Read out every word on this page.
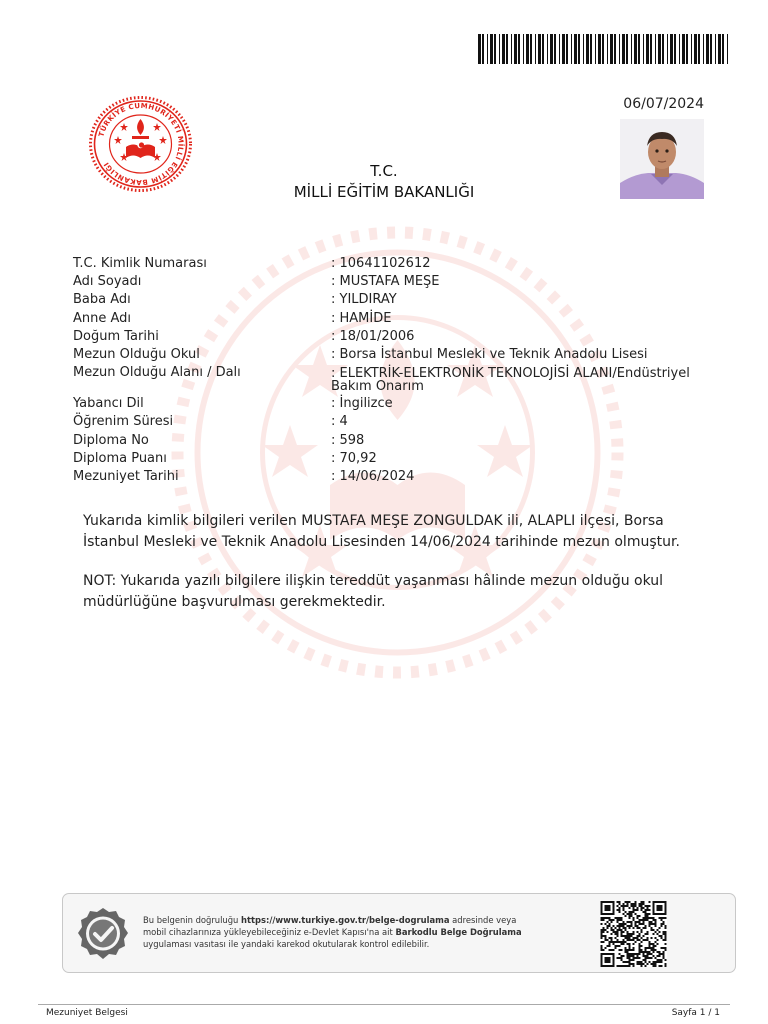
06/07/2024
TÜRKİYE CUMHURİYETİ MİLLİ EĞİTİM BAKANLIĞI	T.C.
MİLLİ EĞİTİM BAKANLIĞI
T.C. Kimlik Numarası	: 10641102612
Adı Soyadı	: MUSTAFA MEŞE
Baba Adı	: YILDIRAY
Anne Adı	: HAMİDE
Doğum Tarihi	: 18/01/2006
Mezun Olduğu Okul	: Borsa İstanbul Mesleki ve Teknik Anadolu Lisesi
Mezun Olduğu Alanı / Dalı	: ELEKTRİK-ELEKTRONİK TEKNOLOJİSİ ALANI/Endüstriyel Bakım Onarım
Yabancı Dil	: İngilizce
Öğrenim Süresi	: 4
Diploma No	: 598
Diploma Puanı	: 70,92
Mezuniyet Tarihi	: 14/06/2024
Yukarıda kimlik bilgileri verilen MUSTAFA MEŞE ZONGULDAK ili, ALAPLI ilçesi, Borsa İstanbul Mesleki ve Teknik Anadolu Lisesinden 14/06/2024 tarihinde mezun olmuştur.
NOT: Yukarıda yazılı bilgilere ilişkin tereddüt yaşanması hâlinde mezun olduğu okul müdürlüğüne başvurulması gerekmektedir.
Bu belgenin doğruluğu https://www.turkiye.gov.tr/belge-dogrulama adresinde veya
mobil cihazlarınıza yükleyebileceğiniz e-Devlet Kapısı'na ait Barkodlu Belge Doğrulama
uygulaması vasıtası ile yandaki karekod okutularak kontrol edilebilir.
Mezuniyet Belgesi	Sayfa 1 / 1
